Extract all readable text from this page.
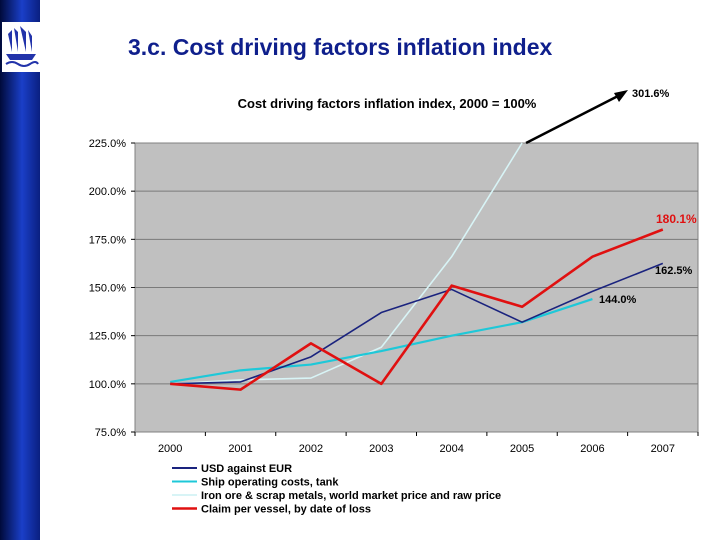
3.c. Cost driving factors inflation index
Cost driving factors inflation index, 2000 = 100%
75.0%
100.0%
125.0%
150.0%
175.0%
200.0%
225.0%
2000	2001	2002	2003	2004	2005	2006	2007
301.6%
180.1%
162.5%
144.0%
USD against EUR
Ship operating costs, tank
Iron ore & scrap metals, world market price and raw price
Claim per vessel, by date of loss
